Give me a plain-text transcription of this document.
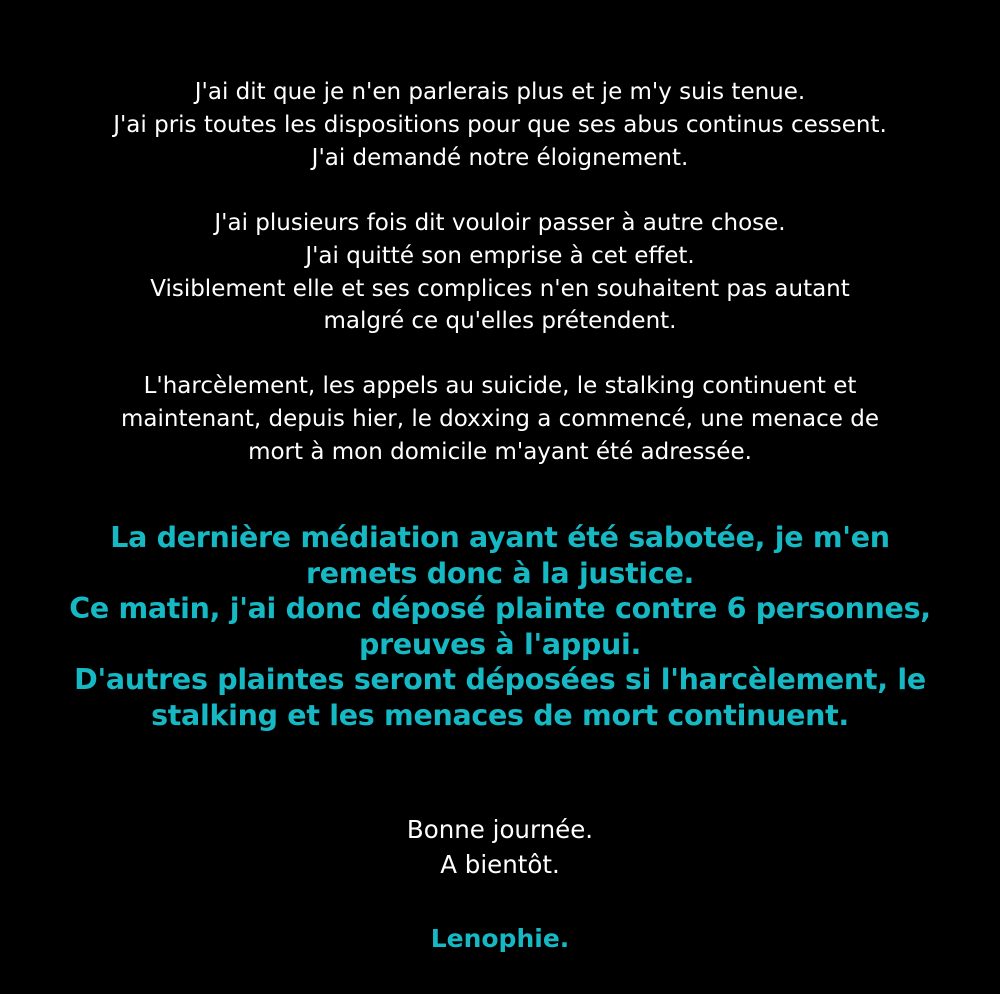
J'ai dit que je n'en parlerais plus et je m'y suis tenue.
J'ai pris toutes les dispositions pour que ses abus continus cessent.
J'ai demandé notre éloignement.

J'ai plusieurs fois dit vouloir passer à autre chose.
J'ai quitté son emprise à cet effet.
Visiblement elle et ses complices n'en souhaitent pas autant
malgré ce qu'elles prétendent.

L'harcèlement, les appels au suicide, le stalking continuent et
maintenant, depuis hier, le doxxing a commencé, une menace de
mort à mon domicile m'ayant été adressée.

La dernière médiation ayant été sabotée, je m'en
remets donc à la justice.
Ce matin, j'ai donc déposé plainte contre 6 personnes,
preuves à l'appui.
D'autres plaintes seront déposées si l'harcèlement, le
stalking et les menaces de mort continuent.

Bonne journée.
A bientôt.

Lenophie.
